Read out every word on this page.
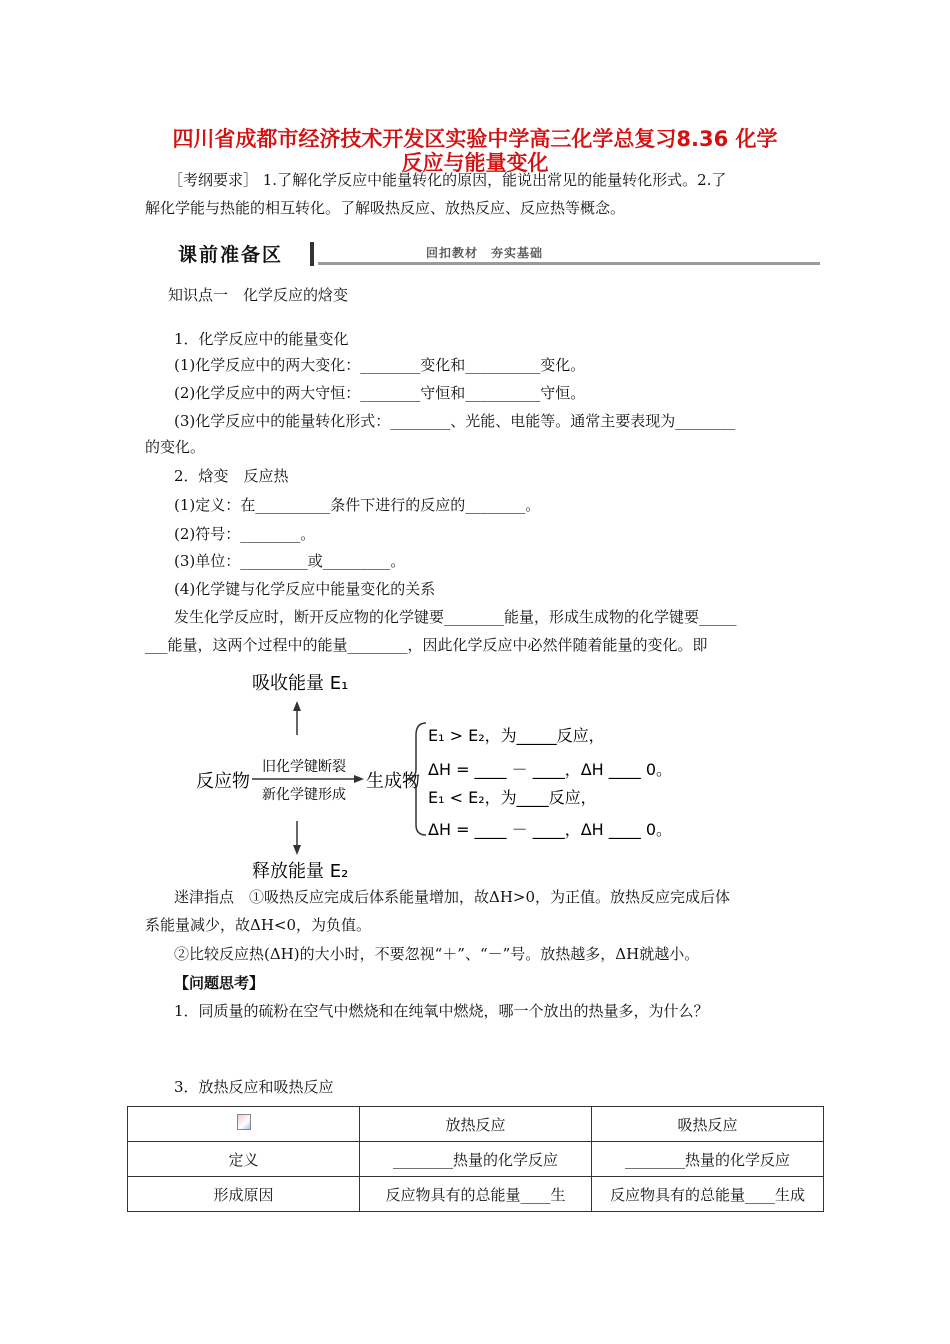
四川省成都市经济技术开发区实验中学高三化学总复习8.36 化学
反应与能量变化
［考纲要求］ 1.了解化学反应中能量转化的原因，能说出常见的能量转化形式。2.了
解化学能与热能的相互转化。了解吸热反应、放热反应、反应热等概念。
课前准备区	回扣教材　夯实基础
知识点一　化学反应的焓变
1．化学反应中的能量变化
(1)化学反应中的两大变化：________变化和__________变化。
(2)化学反应中的两大守恒：________守恒和__________守恒。
(3)化学反应中的能量转化形式：________、光能、电能等。通常主要表现为________
的变化。
2．焓变　反应热
(1)定义：在__________条件下进行的反应的________。
(2)符号：________。
(3)单位：_________或_________。
(4)化学键与化学反应中能量变化的关系
发生化学反应时，断开反应物的化学键要________能量，形成生成物的化学键要_____
___能量，这两个过程中的能量________，因此化学反应中必然伴随着能量的变化。即
吸收能量 E₁
反应物
旧化学键断裂
新化学键形成
生成物
释放能量 E₂
E₁ > E₂，为_____反应，
ΔH = ____ － ____，ΔH ____ 0。
E₁ < E₂，为____反应，
ΔH = ____ － ____，ΔH ____ 0。
迷津指点　①吸热反应完成后体系能量增加，故ΔH>0，为正值。放热反应完成后体
系能量减少，故ΔH<0，为负值。
②比较反应热(ΔH)的大小时，不要忽视“＋”、“－”号。放热越多，ΔH就越小。
【问题思考】
1．同质量的硫粉在空气中燃烧和在纯氧中燃烧，哪一个放出的热量多，为什么？
3．放热反应和吸热反应
	放热反应	吸热反应
定义	________热量的化学反应	________热量的化学反应
形成原因	反应物具有的总能量____生	反应物具有的总能量____生成
